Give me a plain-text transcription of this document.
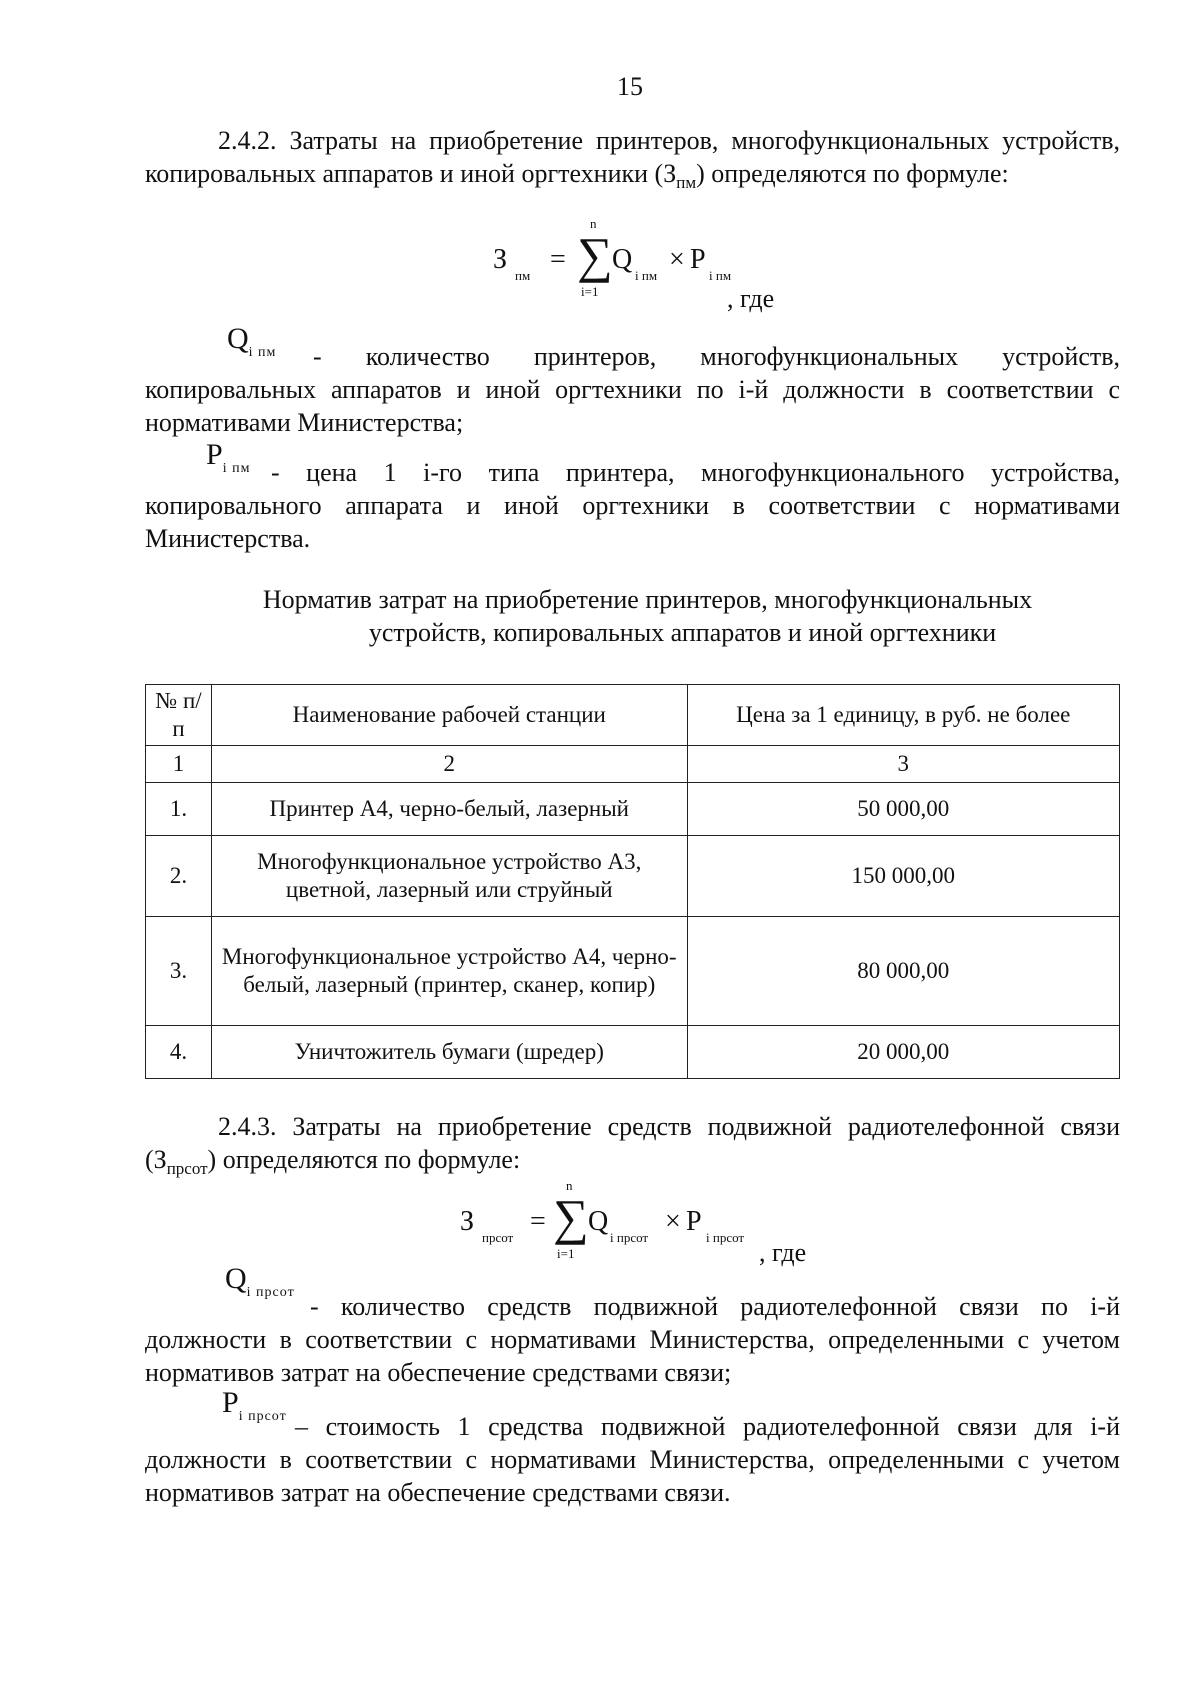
15
2.4.2. Затраты на приобретение принтеров, многофункциональных устройств, копировальных аппаратов и иной оргтехники $(З_{пм})$ определяются по формуле:
З
пм
=
n
∑
i=1
Q
i пм
× P
i пм
, где
$Q_{i пм}$	- количество принтеров, многофункциональных устройств, копировальных аппаратов и иной оргтехники по i-й должности в соответствии с нормативами Министерства;
$P_{i пм}$ - цена 1 i-го типа принтера, многофункционального устройства, копировального аппарата и иной оргтехники в соответствии с нормативами Министерства.
Норматив затрат на приобретение принтеров, многофункциональных
устройств, копировальных аппаратов и иной оргтехники
№ п/п	Наименование рабочей станции	Цена за 1 единицу, в руб. не более
1	2	3
1.	Принтер А4, черно-белый, лазерный	50 000,00
2.	Многофункциональное устройство А3, цветной, лазерный или струйный	150 000,00
3.	Многофункциональное устройство А4, черно-белый, лазерный (принтер, сканер, копир)	80 000,00
4.	Уничтожитель бумаги (шредер)	20 000,00
2.4.3. Затраты на приобретение средств подвижной радиотелефонной связи $(З_{прсот})$ определяются по формуле:
З
прсот
=
n
∑
i=1
Q
i прсот
× P
i прсот
, где
$Q_{i прсот}$ - количество средств подвижной радиотелефонной связи по i-й должности в соответствии с нормативами Министерства, определенными с учетом нормативов затрат на обеспечение средствами связи;
$P_{i прсот}$ – стоимость 1 средства подвижной радиотелефонной связи для i-й должности в соответствии с нормативами Министерства, определенными с учетом нормативов затрат на обеспечение средствами связи.
